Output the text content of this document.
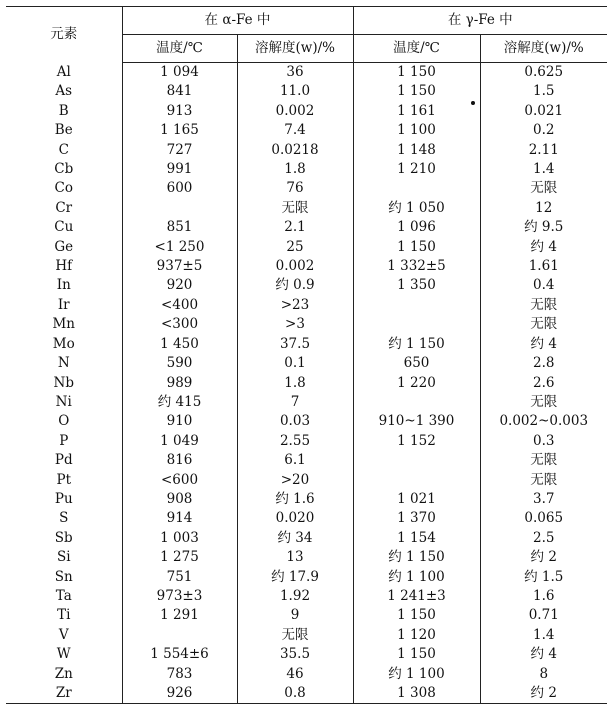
元素	在 α-Fe 中		在 γ-Fe 中	
	温度/℃	溶解度(w)/%	温度/℃	溶解度(w)/%
Al	1 094	36	1 150	0.625
As	841	11.0	1 150	1.5
B	913	0.002	1 161	0.021
Be	1 165	7.4	1 100	0.2
C	727	0.0218	1 148	2.11
Cb	991	1.8	1 210	1.4
Co	600	76		无限
Cr		无限	约 1 050	12
Cu	851	2.1	1 096	约 9.5
Ge	<1 250	25	1 150	约 4
Hf	937±5	0.002	1 332±5	1.61
In	920	约 0.9	1 350	0.4
Ir	<400	>23		无限
Mn	<300	>3		无限
Mo	1 450	37.5	约 1 150	约 4
N	590	0.1	650	2.8
Nb	989	1.8	1 220	2.6
Ni	约 415	7		无限
O	910	0.03	910~1 390	0.002~0.003
P	1 049	2.55	1 152	0.3
Pd	816	6.1		无限
Pt	<600	>20		无限
Pu	908	约 1.6	1 021	3.7
S	914	0.020	1 370	0.065
Sb	1 003	约 34	1 154	2.5
Si	1 275	13	约 1 150	约 2
Sn	751	约 17.9	约 1 100	约 1.5
Ta	973±3	1.92	1 241±3	1.6
Ti	1 291	9	1 150	0.71
V		无限	1 120	1.4
W	1 554±6	35.5	1 150	约 4
Zn	783	46	约 1 100	8
Zr	926	0.8	1 308	约 2
